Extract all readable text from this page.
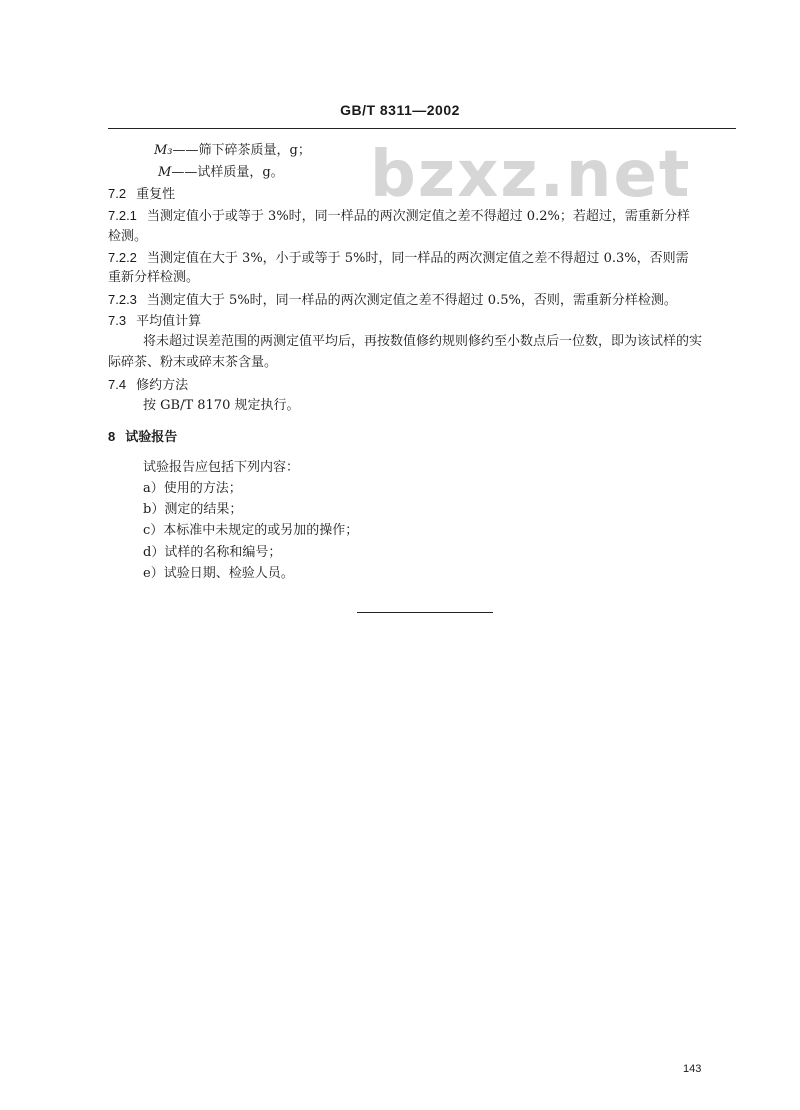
GB/T 8311—2002
bzxz.net
M₃——筛下碎茶质量，g；
M——试样质量，g。
7.2 重复性
7.2.1 当测定值小于或等于 3%时，同一样品的两次测定值之差不得超过 0.2%；若超过，需重新分样
检测。
7.2.2 当测定值在大于 3%，小于或等于 5%时，同一样品的两次测定值之差不得超过 0.3%，否则需
重新分样检测。
7.2.3 当测定值大于 5%时，同一样品的两次测定值之差不得超过 0.5%，否则，需重新分样检测。
7.3 平均值计算
将未超过误差范围的两测定值平均后，再按数值修约规则修约至小数点后一位数，即为该试样的实
际碎茶、粉末或碎末茶含量。
7.4 修约方法
按 GB/T 8170 规定执行。
8 试验报告
试验报告应包括下列内容：
a）使用的方法；
b）测定的结果；
c）本标准中未规定的或另加的操作；
d）试样的名称和编号；
e）试验日期、检验人员。
143
